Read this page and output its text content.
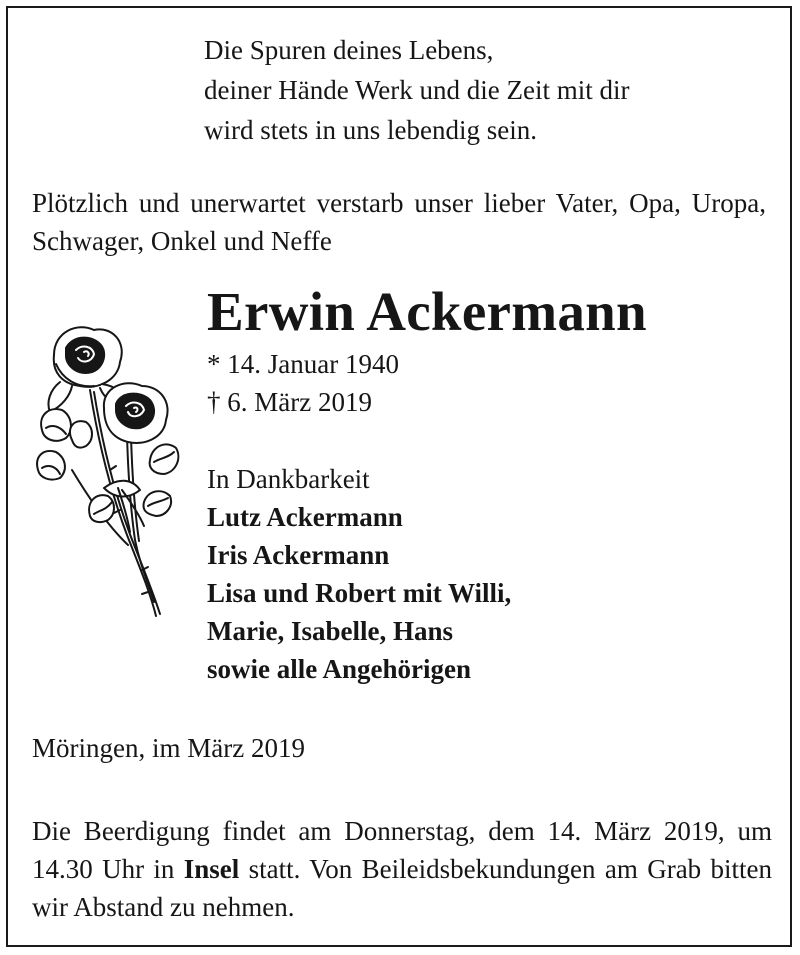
Die Spuren deines Lebens,
deiner Hände Werk und die Zeit mit dir
wird stets in uns lebendig sein.
Plötzlich und unerwartet verstarb unser lieber Vater, Opa, Uropa, Schwager, Onkel und Neffe
Erwin Ackermann
* 14. Januar 1940
† 6. März 2019
In Dankbarkeit
Lutz Ackermann
Iris Ackermann
Lisa und Robert mit Willi,
Marie, Isabelle, Hans
sowie alle Angehörigen
Möringen, im März 2019
Die Beerdigung findet am Donnerstag, dem 14. März 2019, um 14.30 Uhr in Insel statt. Von Beileidsbekundungen am Grab bitten wir Abstand zu nehmen.
